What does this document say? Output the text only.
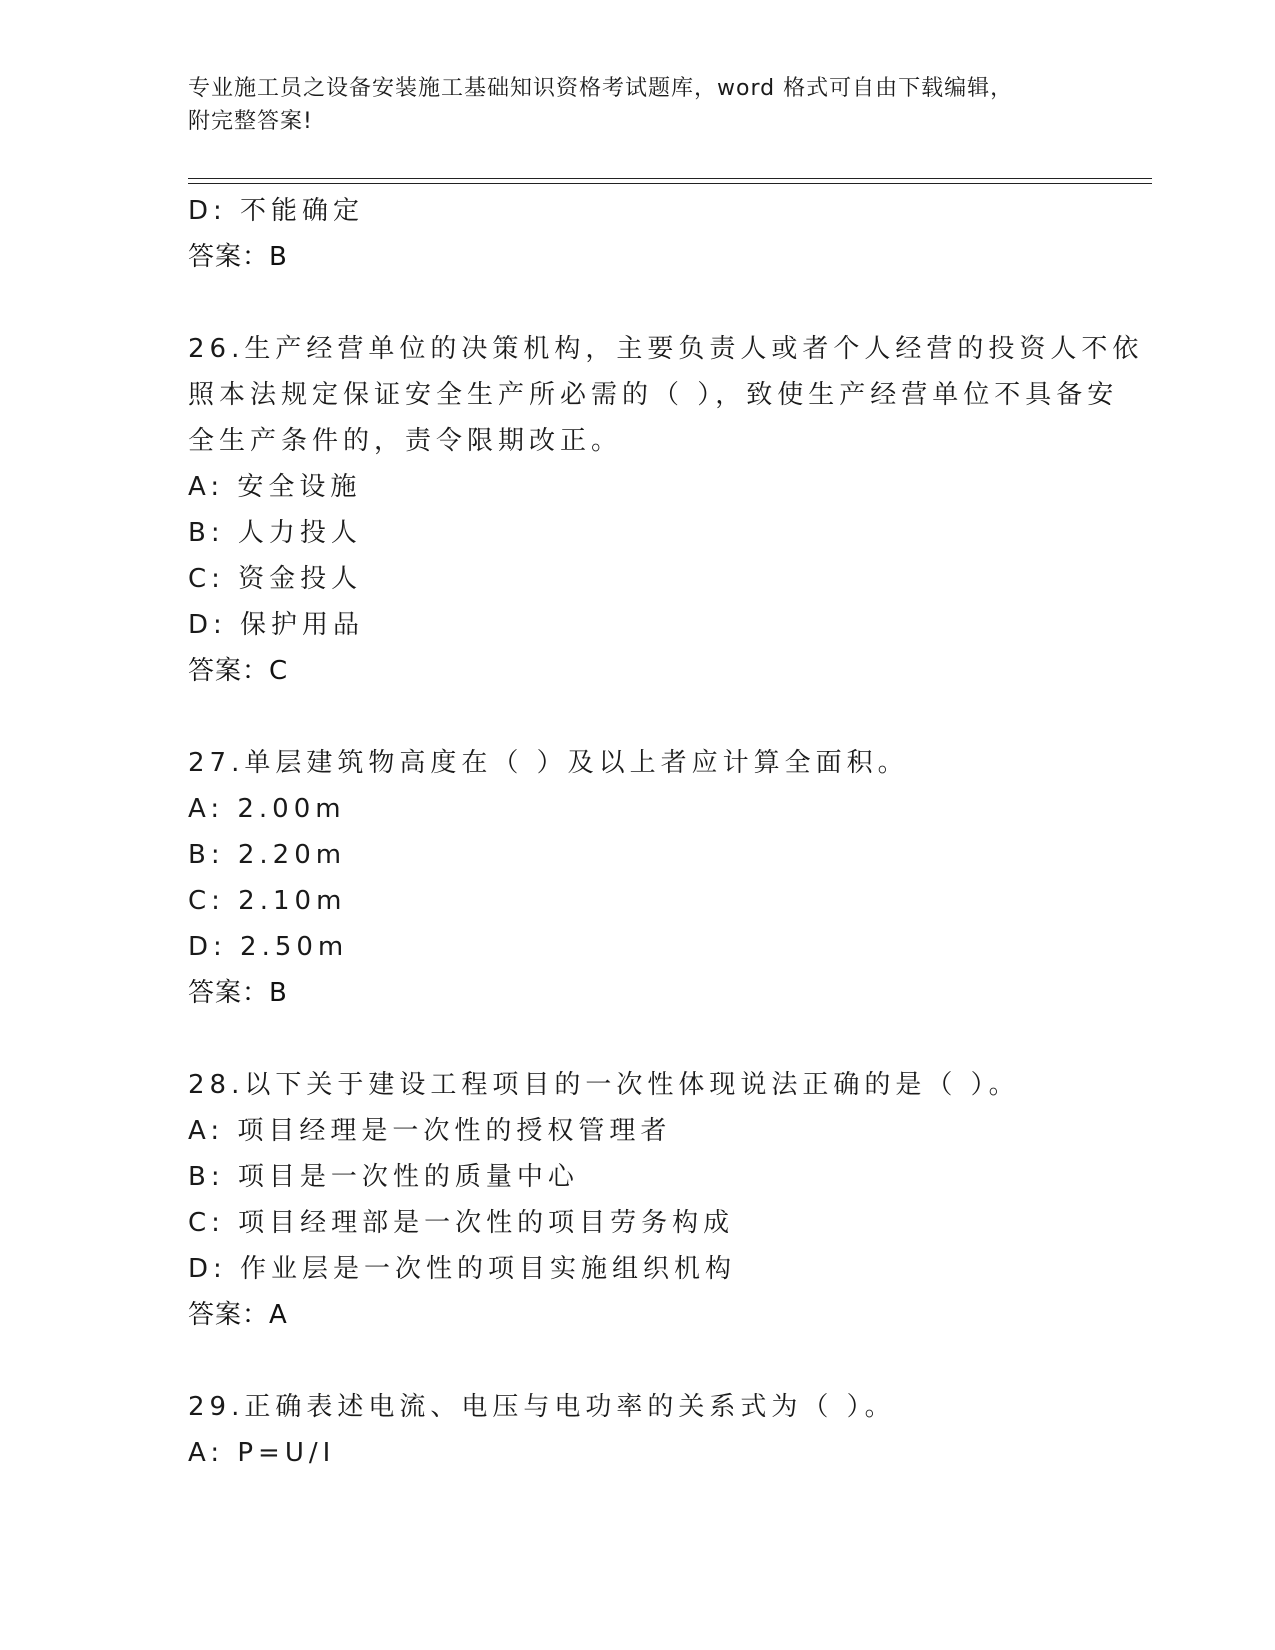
专业施工员之设备安装施工基础知识资格考试题库，word 格式可自由下载编辑，
附完整答案!
D: 不能确定
答案：B
26.生产经营单位的决策机构，主要负责人或者个人经营的投资人不依
照本法规定保证安全生产所必需的（ ），致使生产经营单位不具备安
全生产条件的，责令限期改正。
A: 安全设施
B: 人力投人
C: 资金投人
D: 保护用品
答案：C
27.单层建筑物高度在（ ）及以上者应计算全面积。
A: 2.00m
B: 2.20m
C: 2.10m
D: 2.50m
答案：B
28.以下关于建设工程项目的一次性体现说法正确的是（ ）。
A: 项目经理是一次性的授权管理者
B: 项目是一次性的质量中心
C: 项目经理部是一次性的项目劳务构成
D: 作业层是一次性的项目实施组织机构
答案：A
29.正确表述电流、电压与电功率的关系式为（ ）。
A: P=U/I
